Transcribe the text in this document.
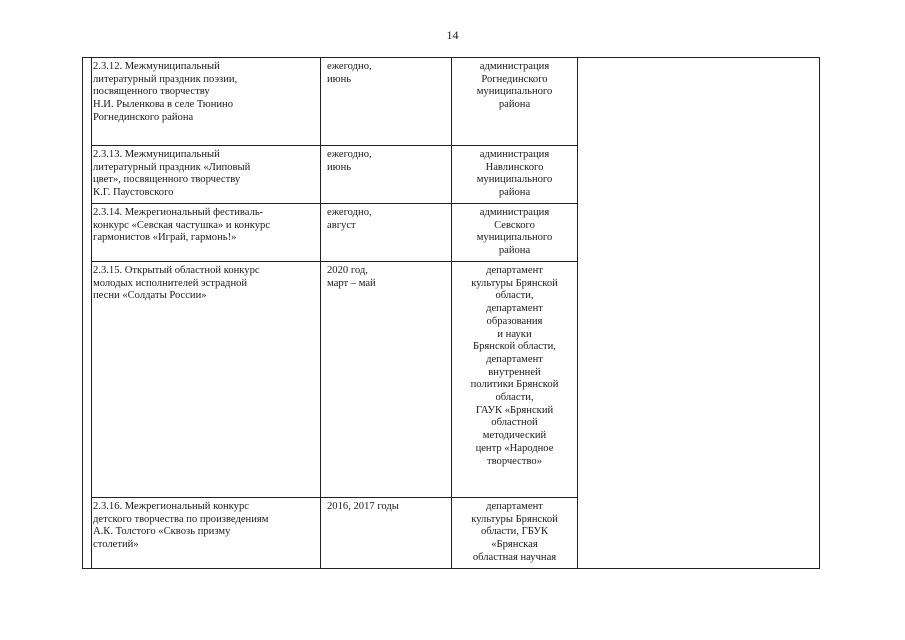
14
2.3.12. Межмуниципальный
литературный праздник поэзии,
посвященного творчеству
Н.И. Рыленкова в селе Тюнино
Рогнединского района
ежегодно,
июнь
администрация
Рогнединского
муниципального
района
2.3.13. Межмуниципальный
литературный праздник «Липовый
цвет», посвященного творчеству
К.Г. Паустовского
ежегодно,
июнь
администрация
Навлинского
муниципального
района
2.3.14. Межрегиональный фестиваль-
конкурс «Севская частушка» и конкурс
гармонистов «Играй, гармонь!»
ежегодно,
август
администрация
Севского
муниципального
района
2.3.15. Открытый областной конкурс
молодых исполнителей эстрадной
песни «Солдаты России»
2020 год,
март – май
департамент
культуры Брянской
области,
департамент
образования
и науки
Брянской области,
департамент
внутренней
политики Брянской
области,
ГАУК «Брянский
областной
методический
центр «Народное
творчество»
2.3.16. Межрегиональный конкурс
детского творчества по произведениям
А.К. Толстого «Сквозь призму
столетий»
2016, 2017 годы	департамент
культуры Брянской
области, ГБУК
«Брянская
областная научная
